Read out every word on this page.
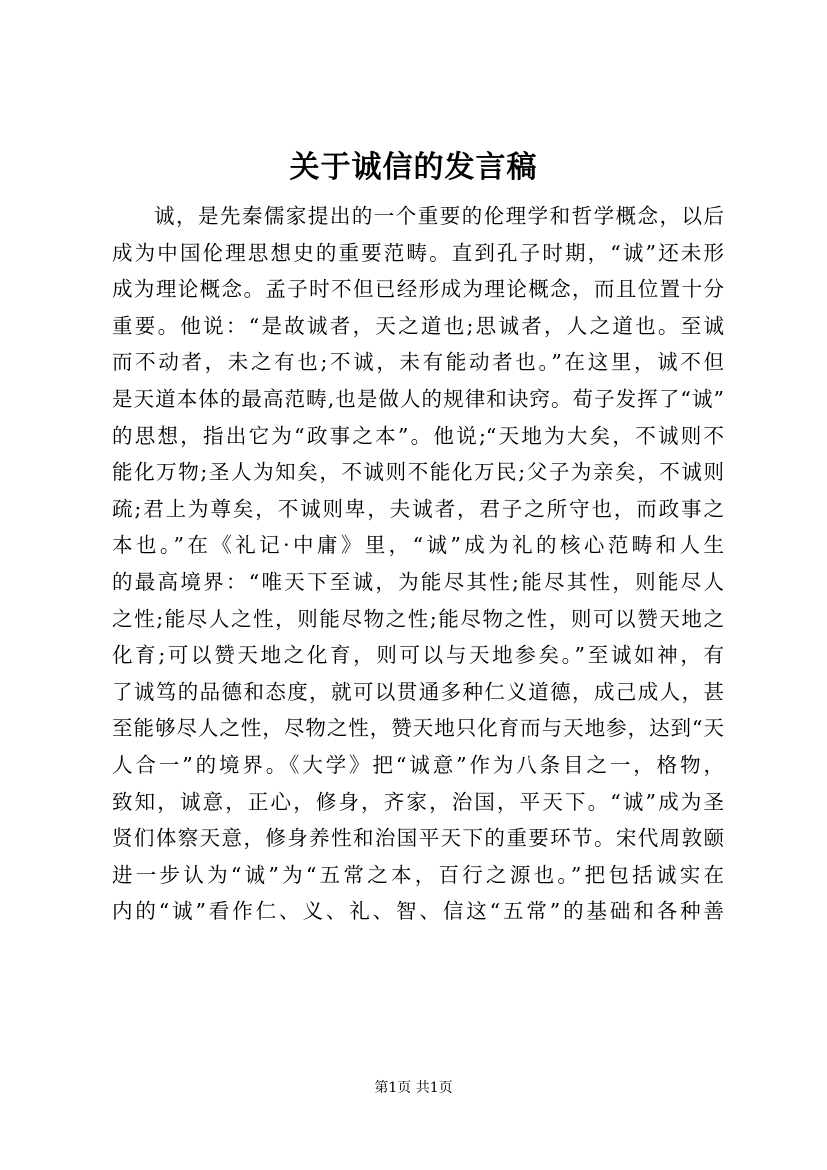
关于诚信的发言稿
诚，是先秦儒家提出的一个重要的伦理学和哲学概念，以后
成为中国伦理思想史的重要范畴。直到孔子时期，“诚”还未形
成为理论概念。孟子时不但已经形成为理论概念，而且位置十分
重要。他说：“是故诚者，天之道也;思诚者，人之道也。至诚
而不动者，未之有也;不诚，未有能动者也。”在这里，诚不但
是天道本体的最高范畴,也是做人的规律和诀窍。荀子发挥了“诚”
的思想，指出它为“政事之本”。他说;“天地为大矣，不诚则不
能化万物;圣人为知矣，不诚则不能化万民;父子为亲矣，不诚则
疏;君上为尊矣，不诚则卑，夫诚者，君子之所守也，而政事之
本也。”在《礼记·中庸》里，“诚”成为礼的核心范畴和人生
的最高境界：“唯天下至诚，为能尽其性;能尽其性，则能尽人
之性;能尽人之性，则能尽物之性;能尽物之性，则可以赞天地之
化育;可以赞天地之化育，则可以与天地参矣。”至诚如神，有
了诚笃的品德和态度，就可以贯通多种仁义道德，成己成人，甚
至能够尽人之性，尽物之性，赞天地只化育而与天地参，达到“天
人合一”的境界。《大学》把“诚意”作为八条目之一，格物，
致知，诚意，正心，修身，齐家，治国，平天下。“诚”成为圣
贤们体察天意，修身养性和治国平天下的重要环节。宋代周敦颐
进一步认为“诚”为“五常之本，百行之源也。”把包括诚实在
内的“诚”看作仁、义、礼、智、信这“五常”的基础和各种善
第1页 共1页
